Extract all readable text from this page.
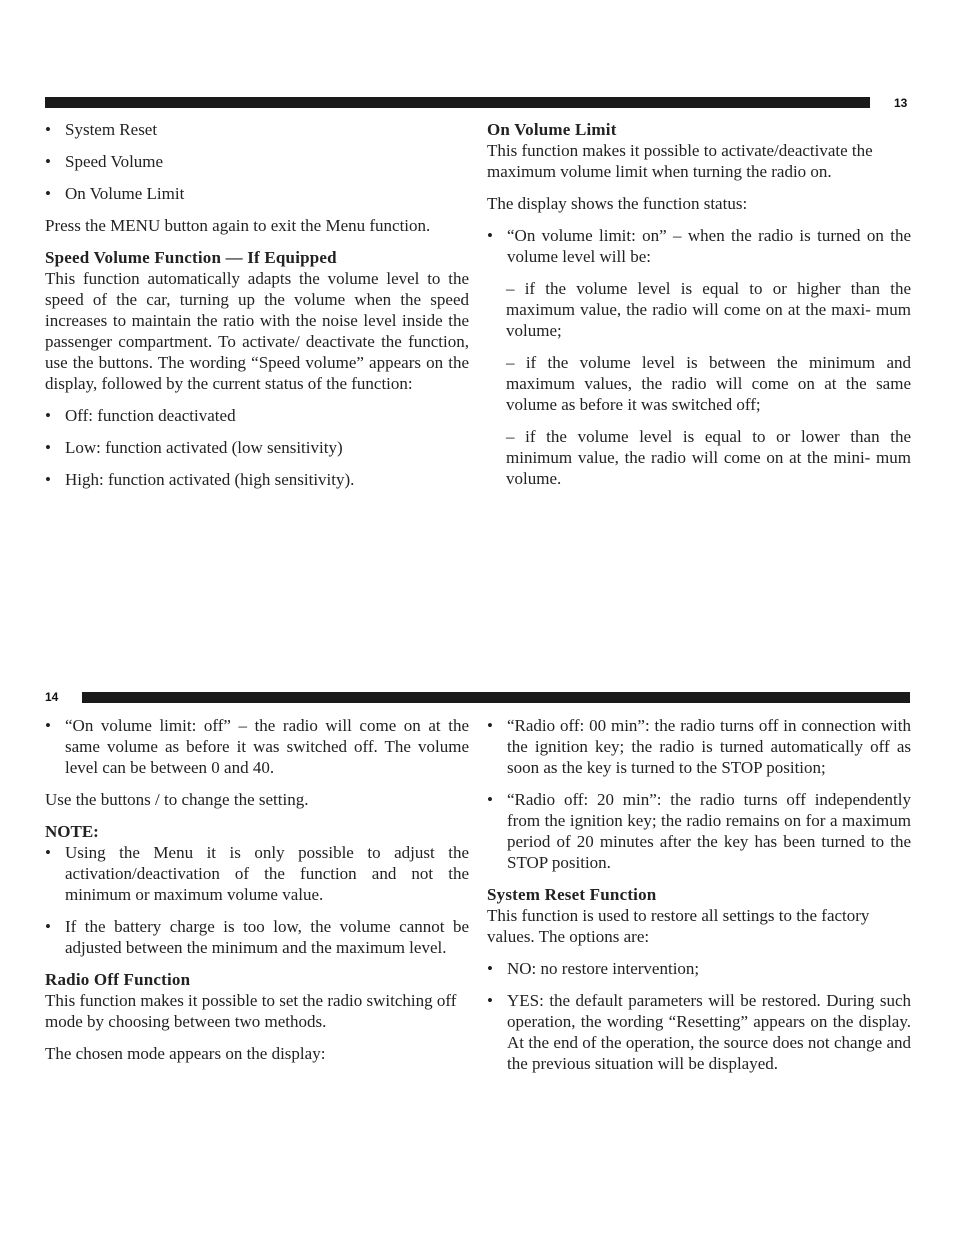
13
• System Reset
• Speed Volume
• On Volume Limit

Press the MENU button again to exit the Menu function.

Speed Volume Function — If Equipped

This function automatically adapts the volume level to the speed of the car, turning up the volume when the speed increases to maintain the ratio with the noise level inside the passenger compartment. To activate/ deactivate the function, use the buttons. The wording “Speed volume” appears on the display, followed by the current status of the function:

• Off: function deactivated
• Low: function activated (low sensitivity)
• High: function activated (high sensitivity).
On Volume Limit

This function makes it possible to activate/deactivate the maximum volume limit when turning the radio on.

The display shows the function status:

• “On volume limit: on” – when the radio is turned on the volume level will be:

– if the volume level is equal to or higher than the maximum value, the radio will come on at the maxi- mum volume;

– if the volume level is between the minimum and maximum values, the radio will come on at the same volume as before it was switched off;

– if the volume level is equal to or lower than the minimum value, the radio will come on at the mini- mum volume.

14
• “On volume limit: off” – the radio will come on at the same volume as before it was switched off. The volume level can be between 0 and 40.

Use the buttons / to change the setting.

NOTE:
• Using the Menu it is only possible to adjust the activation/deactivation of the function and not the minimum or maximum volume value.
• If the battery charge is too low, the volume cannot be adjusted between the minimum and the maximum level.
Radio Off Function

This function makes it possible to set the radio switching off mode by choosing between two methods.

The chosen mode appears on the display:

• “Radio off: 00 min”: the radio turns off in connection with the ignition key; the radio is turned automatically off as soon as the key is turned to the STOP position;
• “Radio off: 20 min”: the radio turns off independently from the ignition key; the radio remains on for a maximum period of 20 minutes after the key has been turned to the STOP position.
System Reset Function

This function is used to restore all settings to the factory values. The options are:

• NO: no restore intervention;
• YES: the default parameters will be restored. During such operation, the wording “Resetting” appears on the display. At the end of the operation, the source does not change and the previous situation will be displayed.
